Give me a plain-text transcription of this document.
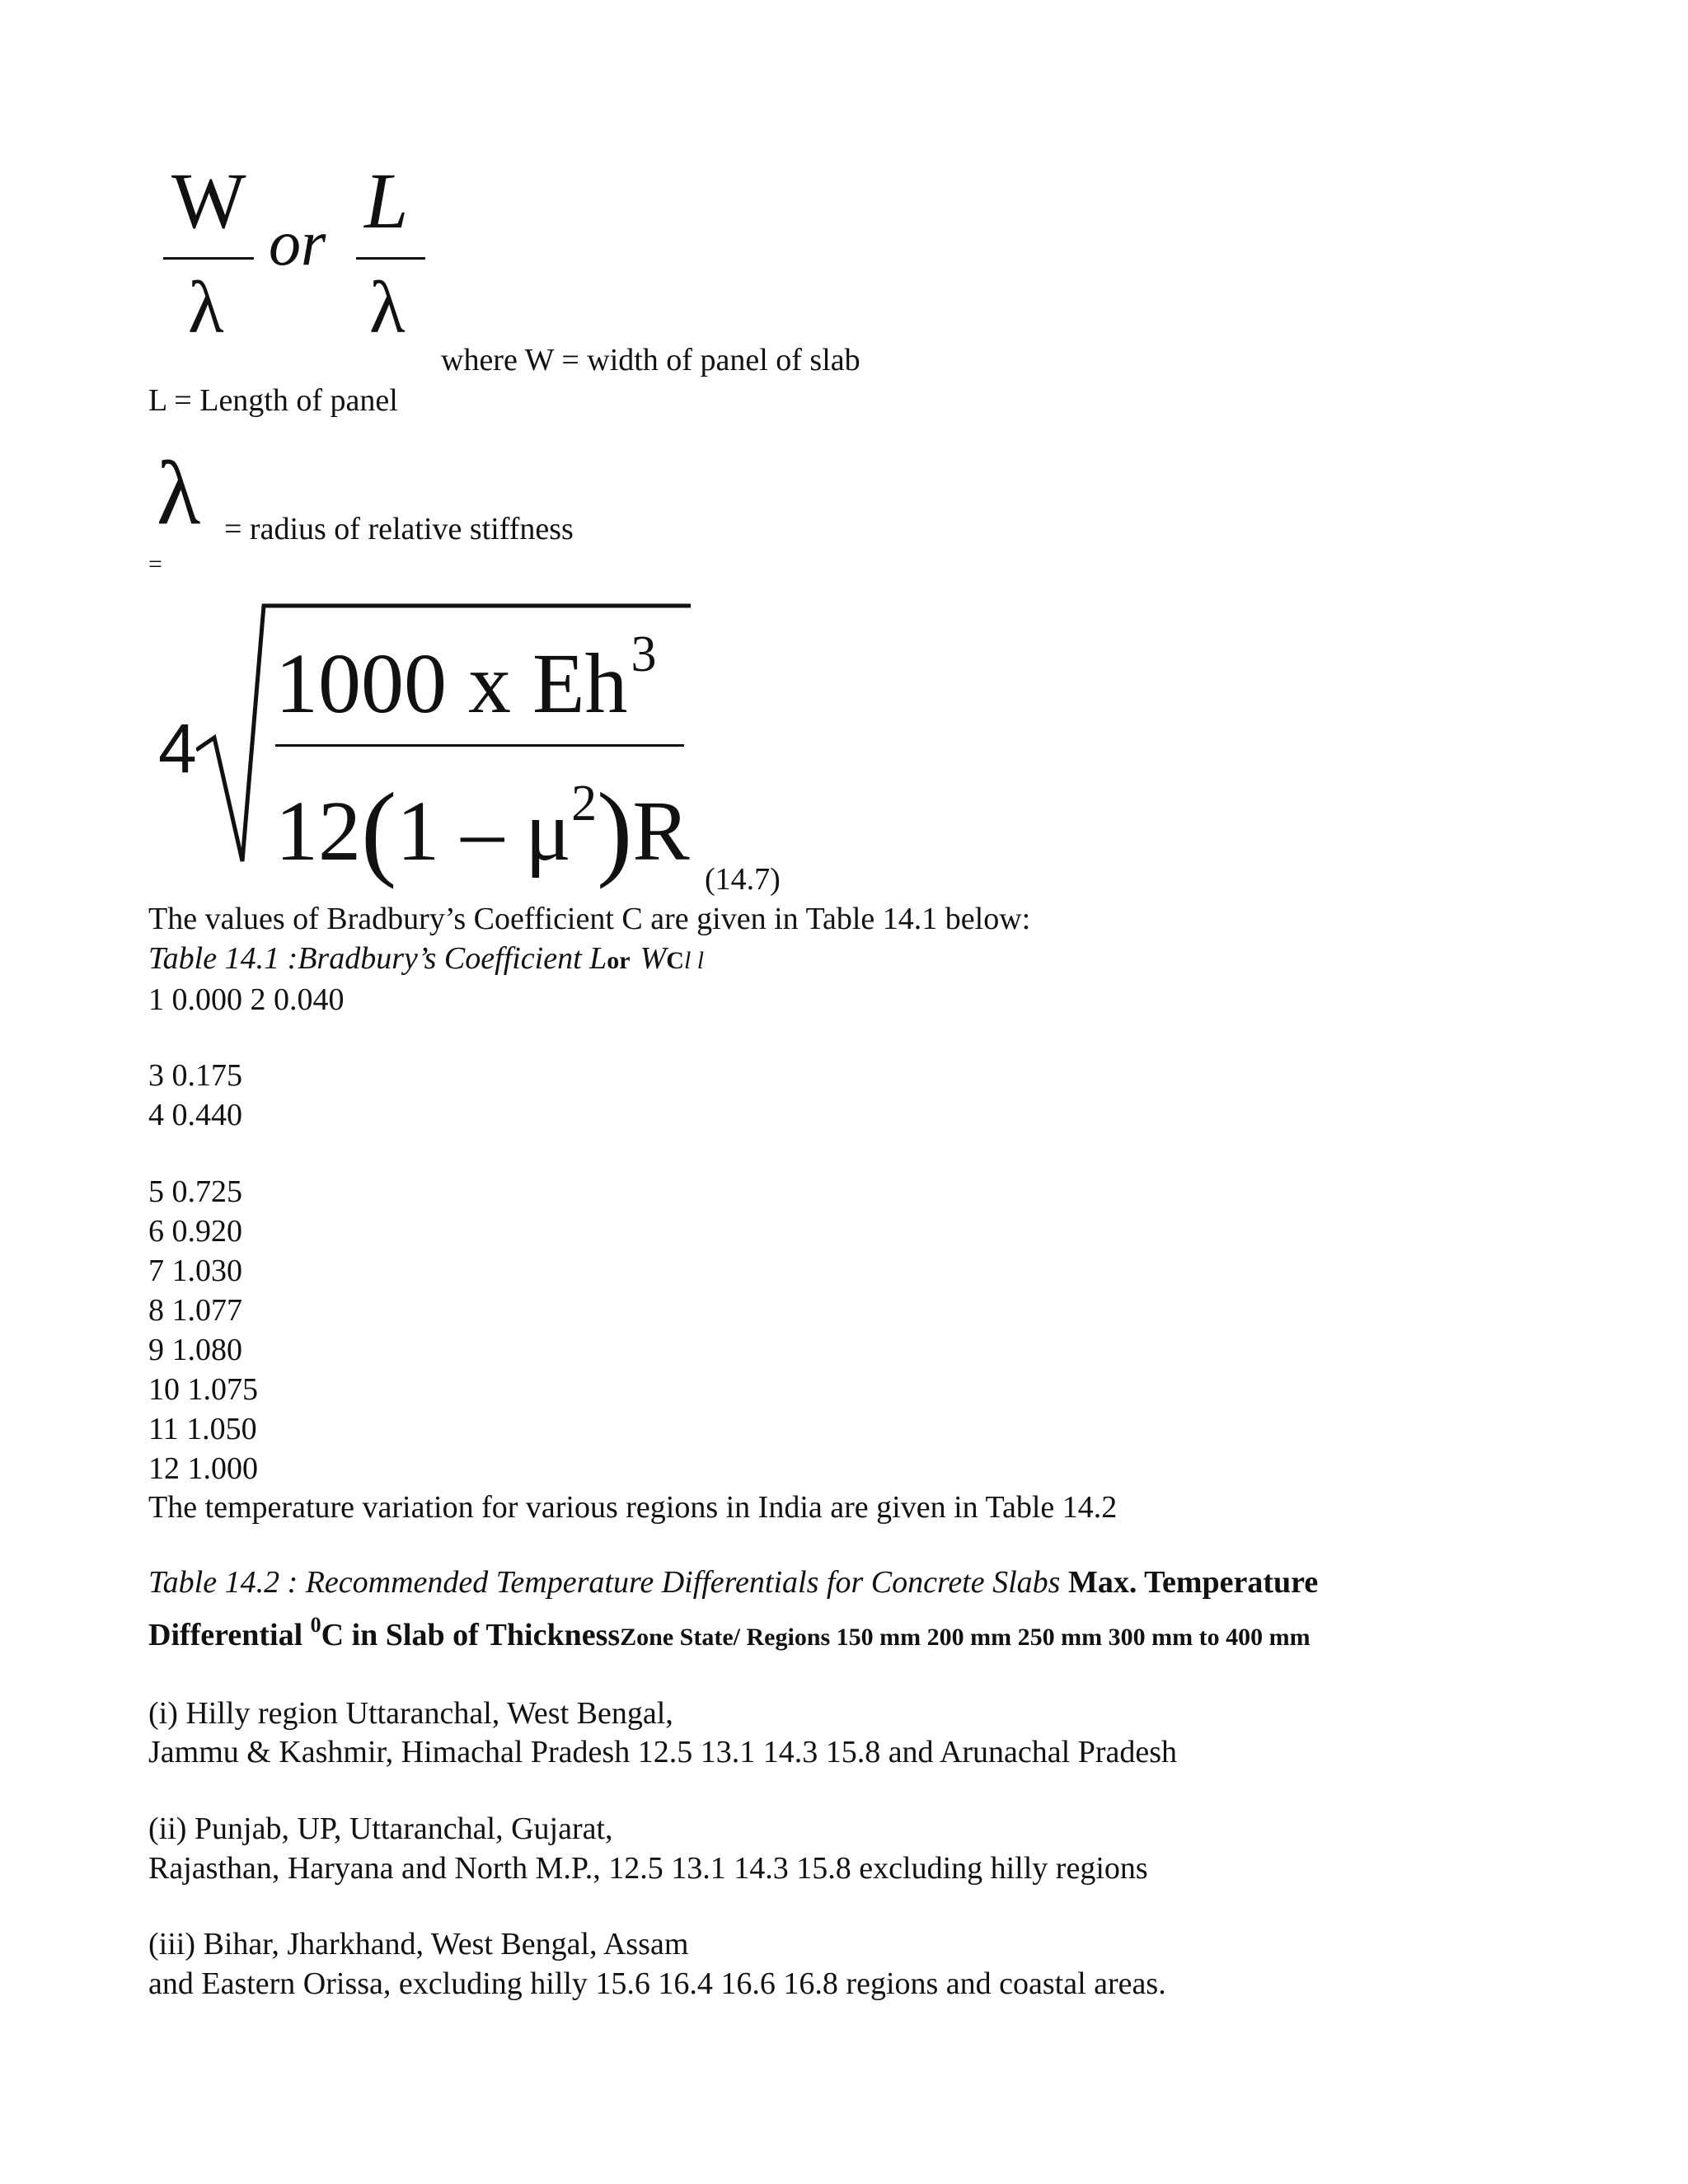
W
λ
or L
λ
where W = width of panel of slab
L = Length of panel
λ = radius of relative stiffness
=
4
1000 x Eh 3
12(1 – μ2)R
(14.7)
The values of Bradbury’s Coefficient C are given in Table 14.1 below:
Table 14.1 :Bradbury’s Coefficient Lor WCl l
1 0.000 2 0.040
3 0.175
4 0.440
5 0.725
6 0.920
7 1.030
8 1.077
9 1.080
10 1.075
11 1.050
12 1.000
The temperature variation for various regions in India are given in Table 14.2
Table 14.2 : Recommended Temperature Differentials for Concrete Slabs Max. Temperature
Differential $^0$C in Slab of ThicknessZone State/ Regions 150 mm 200 mm 250 mm 300 mm to 400 mm
(i) Hilly region Uttaranchal, West Bengal,
Jammu & Kashmir, Himachal Pradesh 12.5 13.1 14.3 15.8 and Arunachal Pradesh
(ii) Punjab, UP, Uttaranchal, Gujarat,
Rajasthan, Haryana and North M.P., 12.5 13.1 14.3 15.8 excluding hilly regions
(iii) Bihar, Jharkhand, West Bengal, Assam
and Eastern Orissa, excluding hilly 15.6 16.4 16.6 16.8 regions and coastal areas.
